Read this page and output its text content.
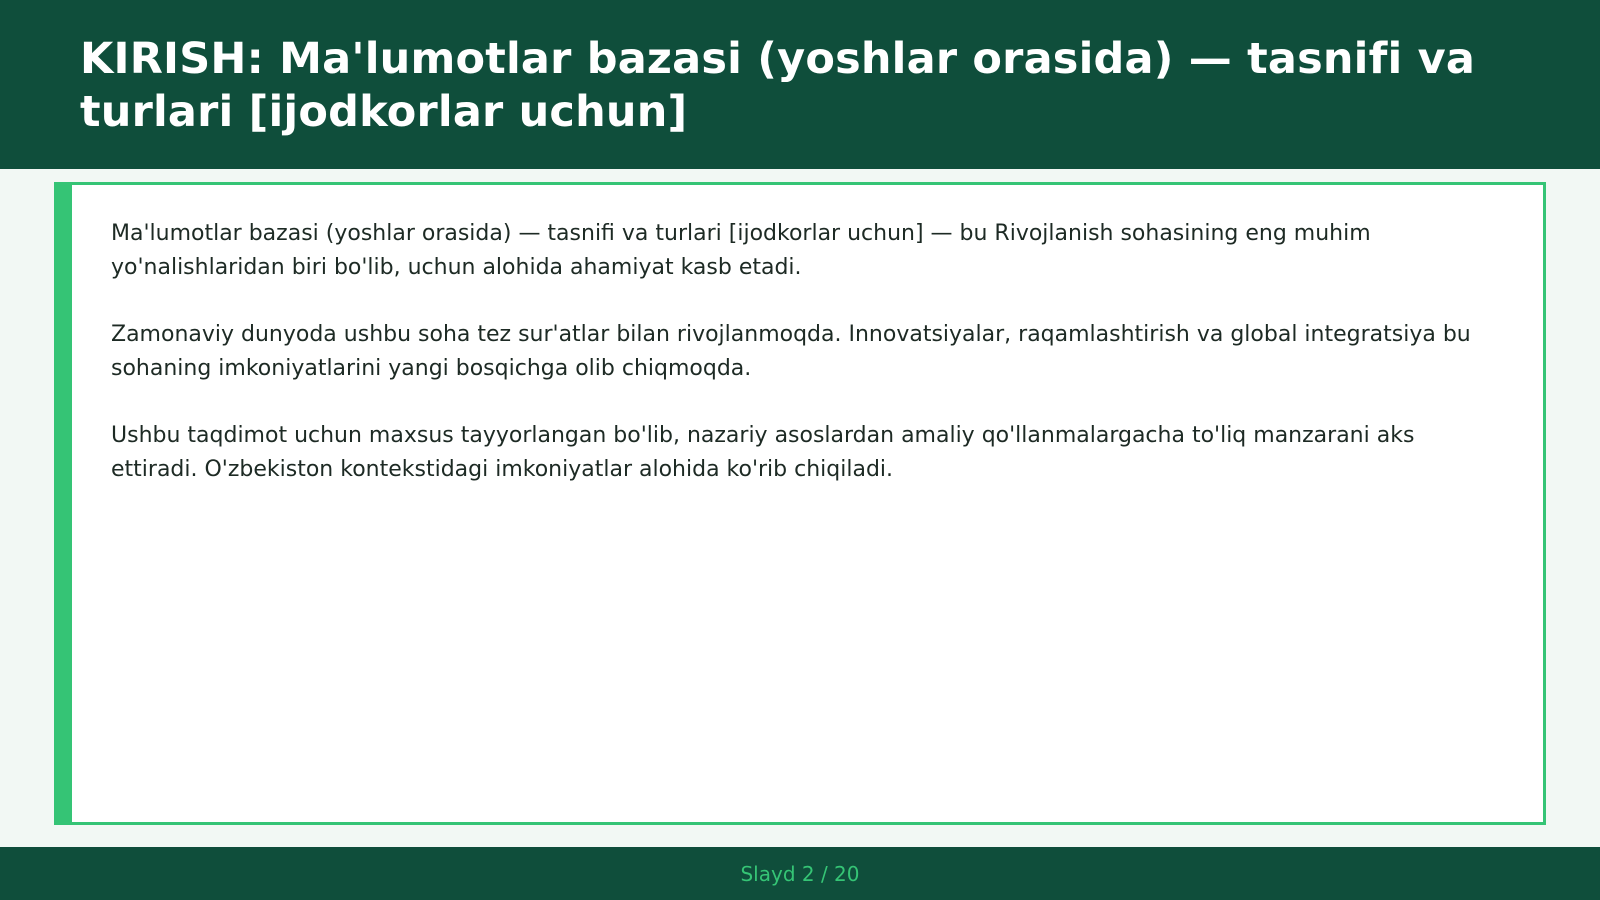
KIRISH: Ma'lumotlar bazasi (yoshlar orasida) — tasnifi va turlari [ijodkorlar uchun]

Ma'lumotlar bazasi (yoshlar orasida) — tasnifi va turlari [ijodkorlar uchun] — bu Rivojlanish sohasining eng muhim yo'nalishlaridan biri bo'lib, uchun alohida ahamiyat kasb etadi.

Zamonaviy dunyoda ushbu soha tez sur'atlar bilan rivojlanmoqda. Innovatsiyalar, raqamlashtirish va global integratsiya bu sohaning imkoniyatlarini yangi bosqichga olib chiqmoqda.

Ushbu taqdimot uchun maxsus tayyorlangan bo'lib, nazariy asoslardan amaliy qo'llanmalargacha to'liq manzarani aks ettiradi. O'zbekiston kontekstidagi imkoniyatlar alohida ko'rib chiqiladi.

Slayd 2 / 20
